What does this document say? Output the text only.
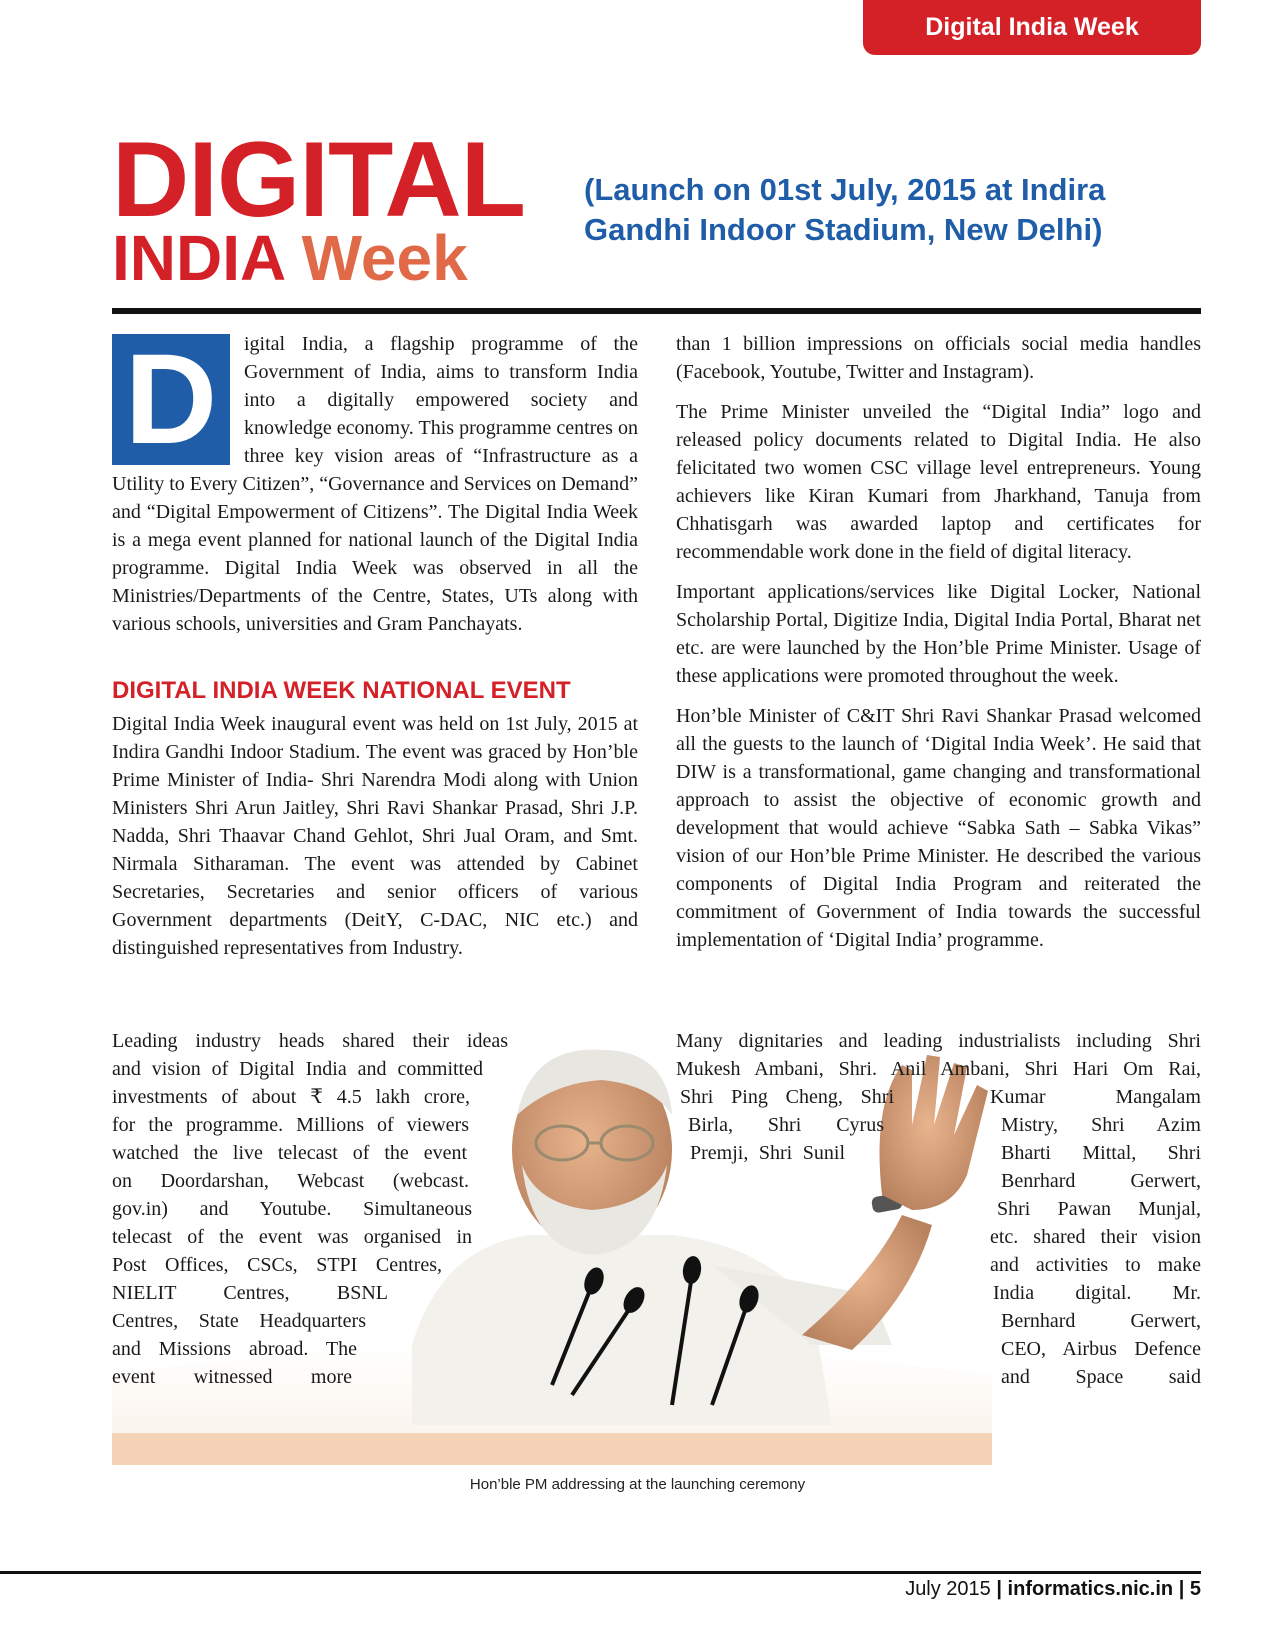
Digital India Week
DIGITAL
INDIA Week
(Launch on 01st July, 2015 at Indira Gandhi Indoor Stadium, New Delhi)

D	igital India, a flagship programme of the Government of India, aims to transform India into a digitally empowered society and knowledge economy. This programme centres on three key vision areas of “Infrastructure as a Utility to Every Citizen”, “Governance and Services on Demand” and “Digital Empowerment of Citizens”. The Digital India Week is a mega event planned for national launch of the Digital India programme. Digital India Week was observed in all the Ministries/Departments of the Centre, States, UTs along with various schools, universities and Gram Panchayats.

DIGITAL INDIA WEEK NATIONAL EVENT

Digital India Week inaugural event was held on 1st July, 2015 at Indira Gandhi Indoor Stadium. The event was graced by Hon’ble Prime Minister of India- Shri Narendra Modi along with Union Ministers Shri Arun Jaitley, Shri Ravi Shankar Prasad, Shri J.P. Nadda, Shri Thaavar Chand Gehlot, Shri Jual Oram, and Smt. Nirmala Sitharaman. The event was attended by Cabinet Secretaries, Secretaries and senior officers of various Government departments (DeitY, C-DAC, NIC etc.) and distinguished representatives from Industry.

Leading industry heads shared their ideas
and vision of Digital India and committed
investments of about ₹ 4.5 lakh crore,
for the programme. Millions of viewers
watched the live telecast of the event
on Doordarshan, Webcast (webcast.
gov.in) and Youtube. Simultaneous
telecast of the event was organised in
Post Offices, CSCs, STPI Centres,
NIELIT Centres, BSNL
Centres, State Headquarters
and Missions abroad. The
event witnessed more

than 1 billion impressions on officials social media handles (Facebook, Youtube, Twitter and Instagram).

The Prime Minister unveiled the “Digital India” logo and released policy documents related to Digital India. He also felicitated two women CSC village level entrepreneurs. Young achievers like Kiran Kumari from Jharkhand, Tanuja from Chhatisgarh was awarded laptop and certificates for recommendable work done in the field of digital literacy.

Important applications/services like Digital Locker, National Scholarship Portal, Digitize India, Digital India Portal, Bharat net etc. are were launched by the Hon’ble Prime Minister. Usage of these applications were promoted throughout the week.

Hon’ble Minister of C&IT Shri Ravi Shankar Prasad welcomed all the guests to the launch of ‘Digital India Week’. He said that DIW is a transformational, game changing and transformational approach to assist the objective of economic growth and development that would achieve “Sabka Sath – Sabka Vikas” vision of our Hon’ble Prime Minister. He described the various components of Digital India Program and reiterated the commitment of Government of India towards the successful implementation of ‘Digital India’ programme.

Many dignitaries and leading industrialists including Shri
Mukesh Ambani, Shri. Anil Ambani, Shri Hari Om Rai,
Shri Ping Cheng, Shri
Birla, Shri Cyrus
Premji, Shri Sunil
Kumar Mangalam
Mistry, Shri Azim
Bharti Mittal, Shri
Benrhard Gerwert,
Shri Pawan Munjal,
etc. shared their vision
and activities to make
India digital. Mr.
Bernhard Gerwert,
CEO, Airbus Defence
and Space said
Hon’ble PM addressing at the launching ceremony
July 2015 | informatics.nic.in | 5
